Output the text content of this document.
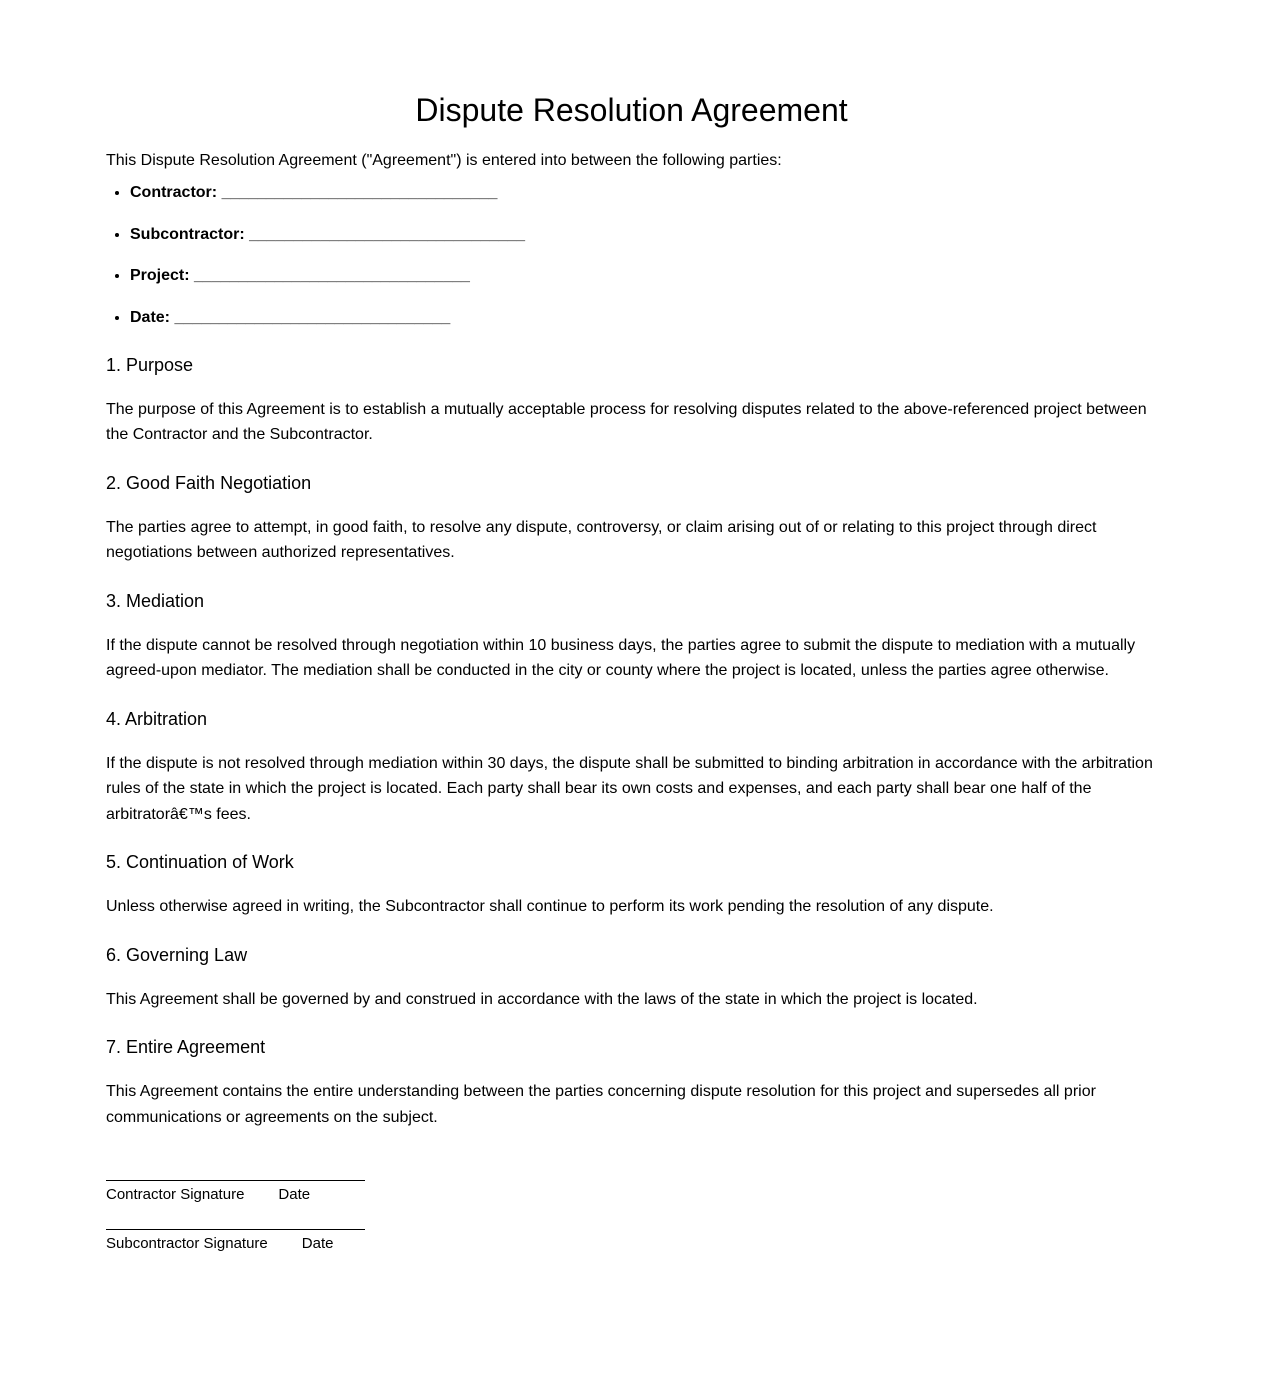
Dispute Resolution Agreement

This Dispute Resolution Agreement ("Agreement") is entered into between the following parties:

• Contractor: _______________________________
• Subcontractor: _______________________________
• Project: _______________________________
• Date: _______________________________
1. Purpose

The purpose of this Agreement is to establish a mutually acceptable process for resolving disputes related to the above-referenced project between the Contractor and the Subcontractor.

2. Good Faith Negotiation

The parties agree to attempt, in good faith, to resolve any dispute, controversy, or claim arising out of or relating to this project through direct negotiations between authorized representatives.

3. Mediation

If the dispute cannot be resolved through negotiation within 10 business days, the parties agree to submit the dispute to mediation with a mutually agreed-upon mediator. The mediation shall be conducted in the city or county where the project is located, unless the parties agree otherwise.

4. Arbitration

If the dispute is not resolved through mediation within 30 days, the dispute shall be submitted to binding arbitration in accordance with the arbitration rules of the state in which the project is located. Each party shall bear its own costs and expenses, and each party shall bear one half of the arbitratorâ€™s fees.

5. Continuation of Work

Unless otherwise agreed in writing, the Subcontractor shall continue to perform its work pending the resolution of any dispute.

6. Governing Law

This Agreement shall be governed by and construed in accordance with the laws of the state in which the project is located.

7. Entire Agreement

This Agreement contains the entire understanding between the parties concerning dispute resolution for this project and supersedes all prior communications or agreements on the subject.

Contractor Signature Date
Subcontractor Signature Date
